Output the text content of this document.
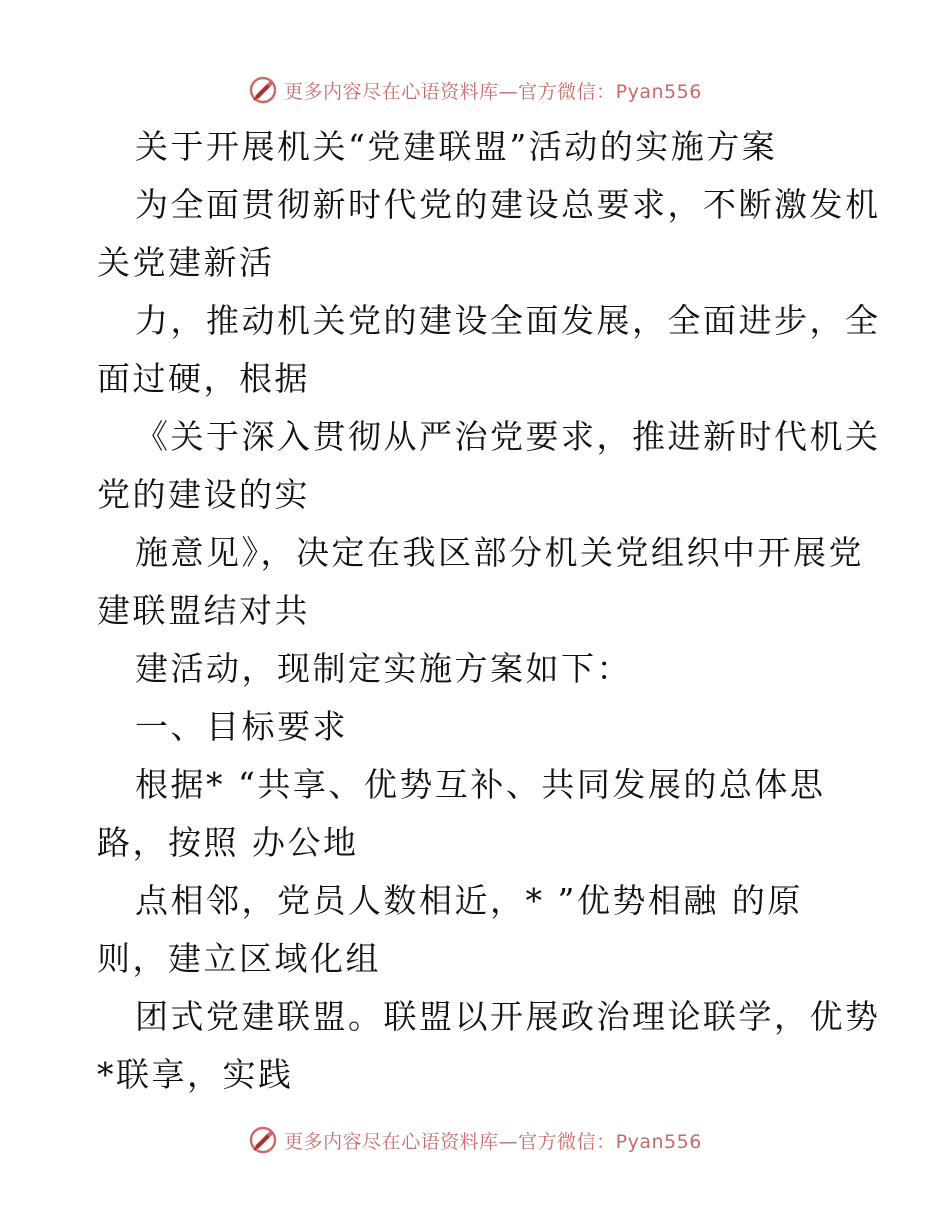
更多内容尽在心语资料库—官方微信：Pyan556
关于开展机关“党建联盟”活动的实施方案
为全面贯彻新时代党的建设总要求，不断激发机
关党建新活
力，推动机关党的建设全面发展，全面进步，全
面过硬，根据
《关于深入贯彻从严治党要求，推进新时代机关
党的建设的实
施意见》，决定在我区部分机关党组织中开展党
建联盟结对共
建活动，现制定实施方案如下：
一、目标要求
根据* “共享、优势互补、共同发展的总体思
路，按照 办公地
点相邻，党员人数相近，* ”优势相融 的原
则，建立区域化组
团式党建联盟。联盟以开展政治理论联学，优势
*联享，实践
更多内容尽在心语资料库—官方微信：Pyan556
